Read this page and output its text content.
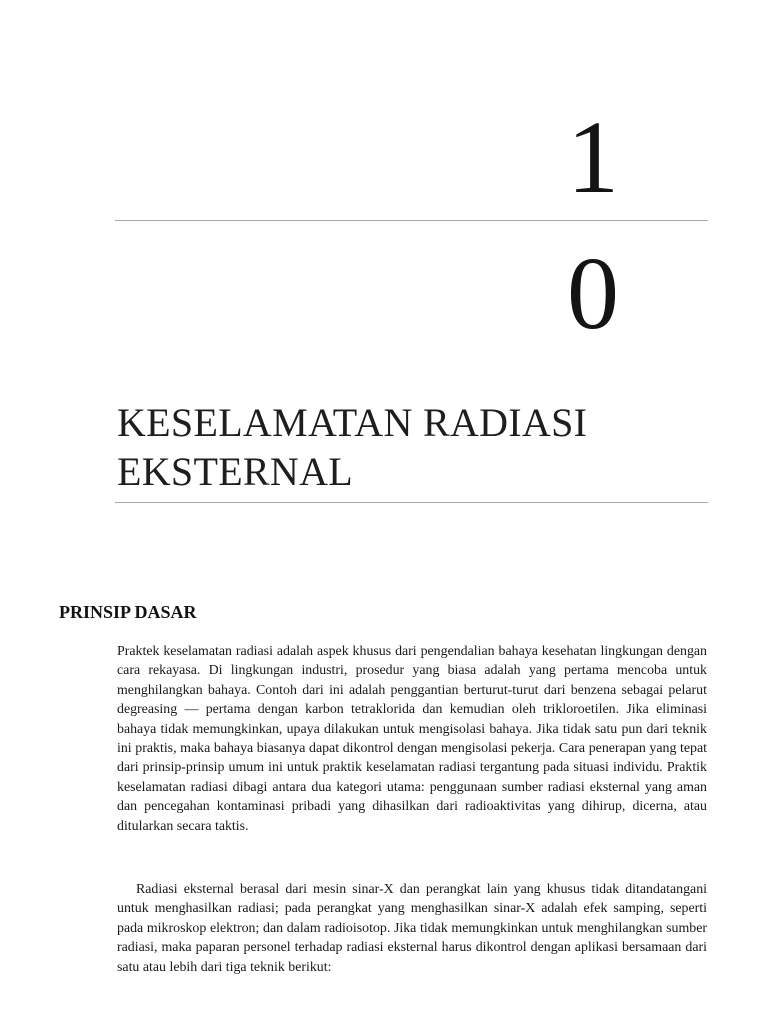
1
0
KESELAMATAN RADIASI
EKSTERNAL
PRINSIP DASAR

Praktek keselamatan radiasi adalah aspek khusus dari pengendalian bahaya kesehatan lingkungan dengan cara rekayasa. Di lingkungan industri, prosedur yang biasa adalah yang pertama mencoba untuk menghilangkan bahaya. Contoh dari ini adalah penggantian berturut-turut dari benzena sebagai pelarut degreasing — pertama dengan karbon tetraklorida dan kemudian oleh trikloroetilen. Jika eliminasi bahaya tidak memungkinkan, upaya dilakukan untuk mengisolasi bahaya. Jika tidak satu pun dari teknik ini praktis, maka bahaya biasanya dapat dikontrol dengan mengisolasi pekerja. Cara penerapan yang tepat dari prinsip-prinsip umum ini untuk praktik keselamatan radiasi tergantung pada situasi individu. Praktik keselamatan radiasi dibagi antara dua kategori utama: penggunaan sumber radiasi eksternal yang aman dan pencegahan kontaminasi pribadi yang dihasilkan dari radioaktivitas yang dihirup, dicerna, atau ditularkan secara taktis.

Radiasi eksternal berasal dari mesin sinar-X dan perangkat lain yang khusus tidak ditandatangani untuk menghasilkan radiasi; pada perangkat yang menghasilkan sinar-X adalah efek samping, seperti pada mikroskop elektron; dan dalam radioisotop. Jika tidak memungkinkan untuk menghilangkan sumber radiasi, maka paparan personel terhadap radiasi eksternal harus dikontrol dengan aplikasi bersamaan dari satu atau lebih dari tiga teknik berikut:
